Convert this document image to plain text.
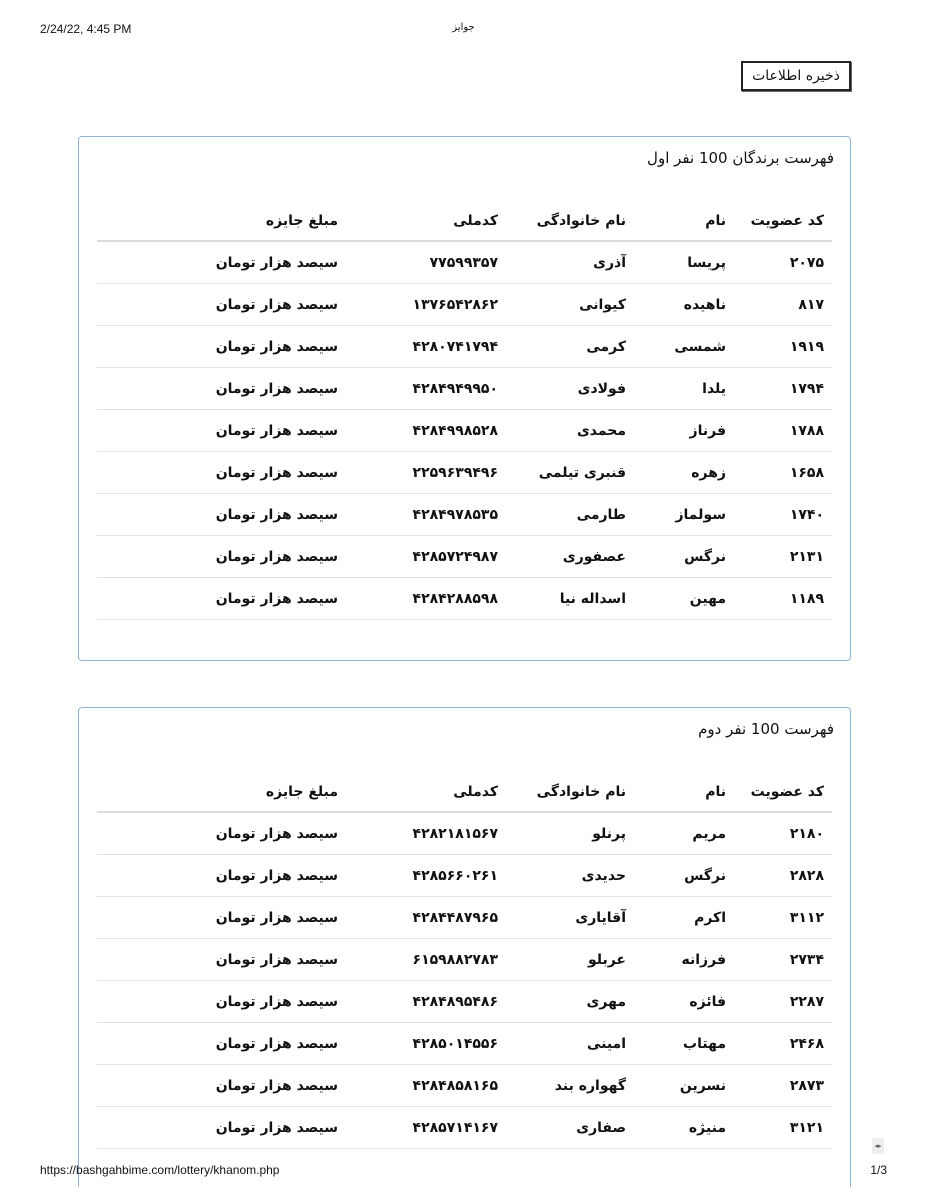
2/24/22, 4:45 PM	جوایز
ذخیره اطلاعات
فهرست برندگان 100 نفر اول
کد عضویت
نام
نام خانوادگی
کدملی
مبلغ جایزه
۲۰۷۵
پریسا
آذری
۷۷۵۹۹۳۵۷
سیصد هزار تومان
۸۱۷
ناهیده
کیوانی
۱۳۷۶۵۴۲۸۶۲
سیصد هزار تومان
۱۹۱۹
شمسی
کرمی
۴۲۸۰۷۴۱۷۹۴
سیصد هزار تومان
۱۷۹۴
یلدا
فولادی
۴۲۸۴۹۴۹۹۵۰
سیصد هزار تومان
۱۷۸۸
فرناز
محمدی
۴۲۸۴۹۹۸۵۲۸
سیصد هزار تومان
۱۶۵۸
زهره
قنبری تیلمی
۲۲۵۹۶۳۹۴۹۶
سیصد هزار تومان
۱۷۴۰
سولماز
طارمی
۴۲۸۴۹۷۸۵۳۵
سیصد هزار تومان
۲۱۳۱
نرگس
عصفوری
۴۲۸۵۷۲۴۹۸۷
سیصد هزار تومان
۱۱۸۹
مهین
اسداله نیا
۴۲۸۴۲۸۸۵۹۸
سیصد هزار تومان
فهرست 100 نفر دوم
کد عضویت
نام
نام خانوادگی
کدملی
مبلغ جایزه
۲۱۸۰
مریم
پرنلو
۴۲۸۲۱۸۱۵۶۷
سیصد هزار تومان
۲۸۲۸
نرگس
حدیدی
۴۲۸۵۶۶۰۲۶۱
سیصد هزار تومان
۳۱۱۲
اکرم
آقایاری
۴۲۸۴۴۸۷۹۶۵
سیصد هزار تومان
۲۷۳۴
فرزانه
عربلو
۶۱۵۹۸۸۲۷۸۳
سیصد هزار تومان
۲۲۸۷
فائزه
مهری
۴۲۸۴۸۹۵۴۸۶
سیصد هزار تومان
۲۴۶۸
مهتاب
امینی
۴۲۸۵۰۱۴۵۵۶
سیصد هزار تومان
۲۸۷۳
نسرین
گهواره بند
۴۲۸۴۸۵۸۱۶۵
سیصد هزار تومان
۳۱۲۱
منیژه
صفاری
۴۲۸۵۷۱۴۱۶۷
سیصد هزار تومان
◂▸
https://bashgahbime.com/lottery/khanom.php	1/3
